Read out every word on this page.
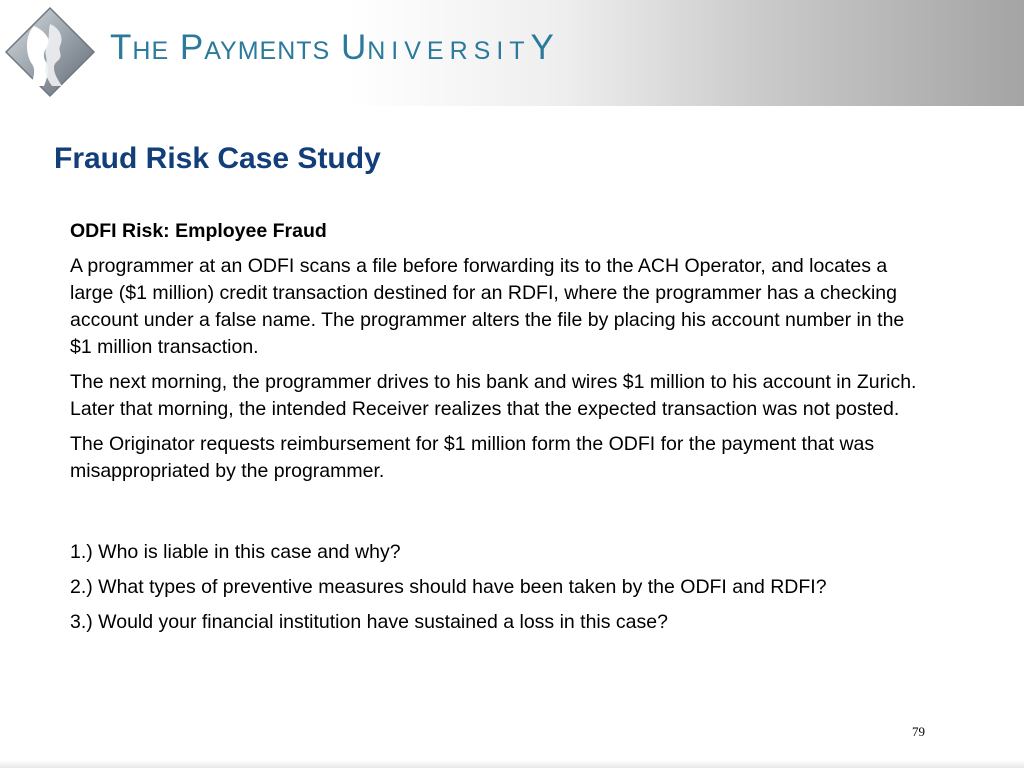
THE PAYMENTS UNIVERSITY
Fraud Risk Case Study

ODFI Risk: Employee Fraud

A programmer at an ODFI scans a file before forwarding its to the ACH Operator, and locates a large ($1 million) credit transaction destined for an RDFI, where the programmer has a checking account under a false name. The programmer alters the file by placing his account number in the $1 million transaction.

The next morning, the programmer drives to his bank and wires $1 million to his account in Zurich. Later that morning, the intended Receiver realizes that the expected transaction was not posted.

The Originator requests reimbursement for $1 million form the ODFI for the payment that was misappropriated by the programmer.

1.) Who is liable in this case and why?

2.) What types of preventive measures should have been taken by the ODFI and RDFI?

3.) Would your financial institution have sustained a loss in this case?

79
